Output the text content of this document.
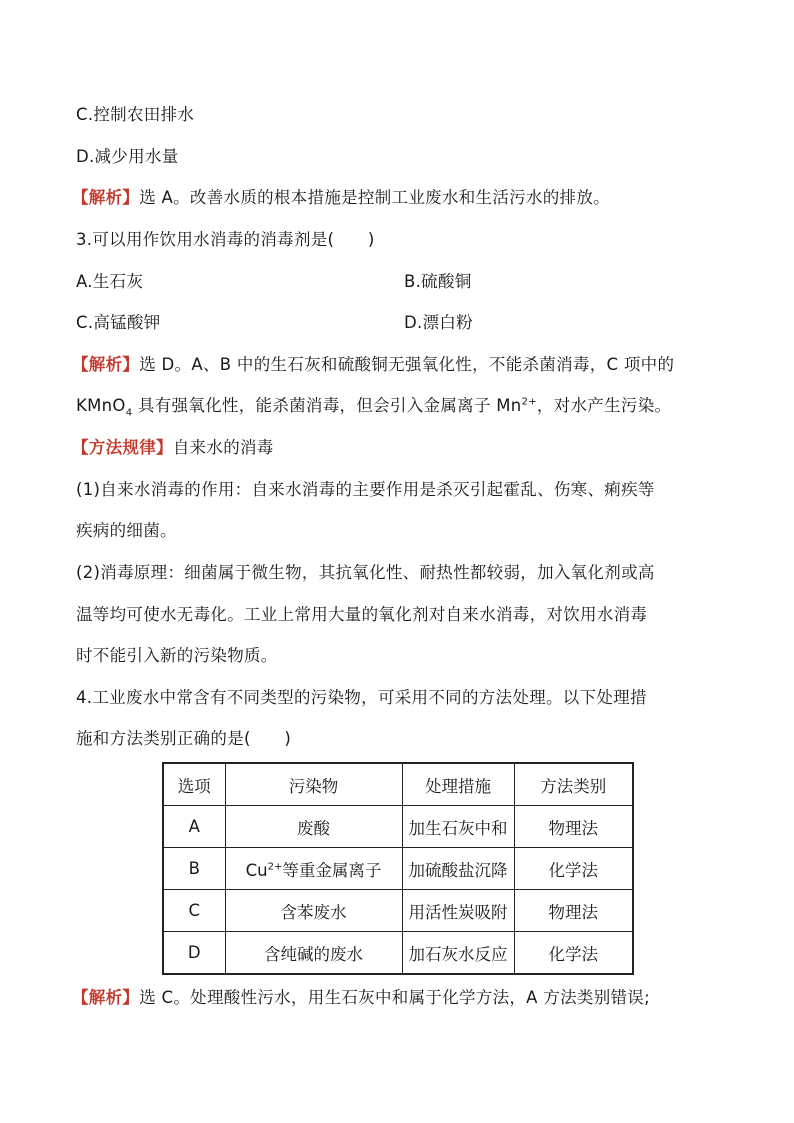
C.控制农田排水
D.减少用水量
【解析】选 A。改善水质的根本措施是控制工业废水和生活污水的排放。
3.可以用作饮用水消毒的消毒剂是(　　)
A.生石灰	B.硫酸铜
C.高锰酸钾	D.漂白粉
【解析】选 D。A、B 中的生石灰和硫酸铜无强氧化性，不能杀菌消毒，C 项中的
KMnO$_4$ 具有强氧化性，能杀菌消毒，但会引入金属离子 $Mn^{2+}$，对水产生污染。
【方法规律】自来水的消毒
(1)自来水消毒的作用：自来水消毒的主要作用是杀灭引起霍乱、伤寒、痢疾等
疾病的细菌。
(2)消毒原理：细菌属于微生物，其抗氧化性、耐热性都较弱，加入氧化剂或高
温等均可使水无毒化。工业上常用大量的氧化剂对自来水消毒，对饮用水消毒
时不能引入新的污染物质。
4.工业废水中常含有不同类型的污染物，可采用不同的方法处理。以下处理措
施和方法类别正确的是(　　)
选项	污染物	处理措施	方法类别
A	废酸	加生石灰中和	物理法
B	$Cu^{2+}$等重金属离子	加硫酸盐沉降	化学法
C	含苯废水	用活性炭吸附	物理法
D	含纯碱的废水	加石灰水反应	化学法
【解析】选 C。处理酸性污水，用生石灰中和属于化学方法，A 方法类别错误;
